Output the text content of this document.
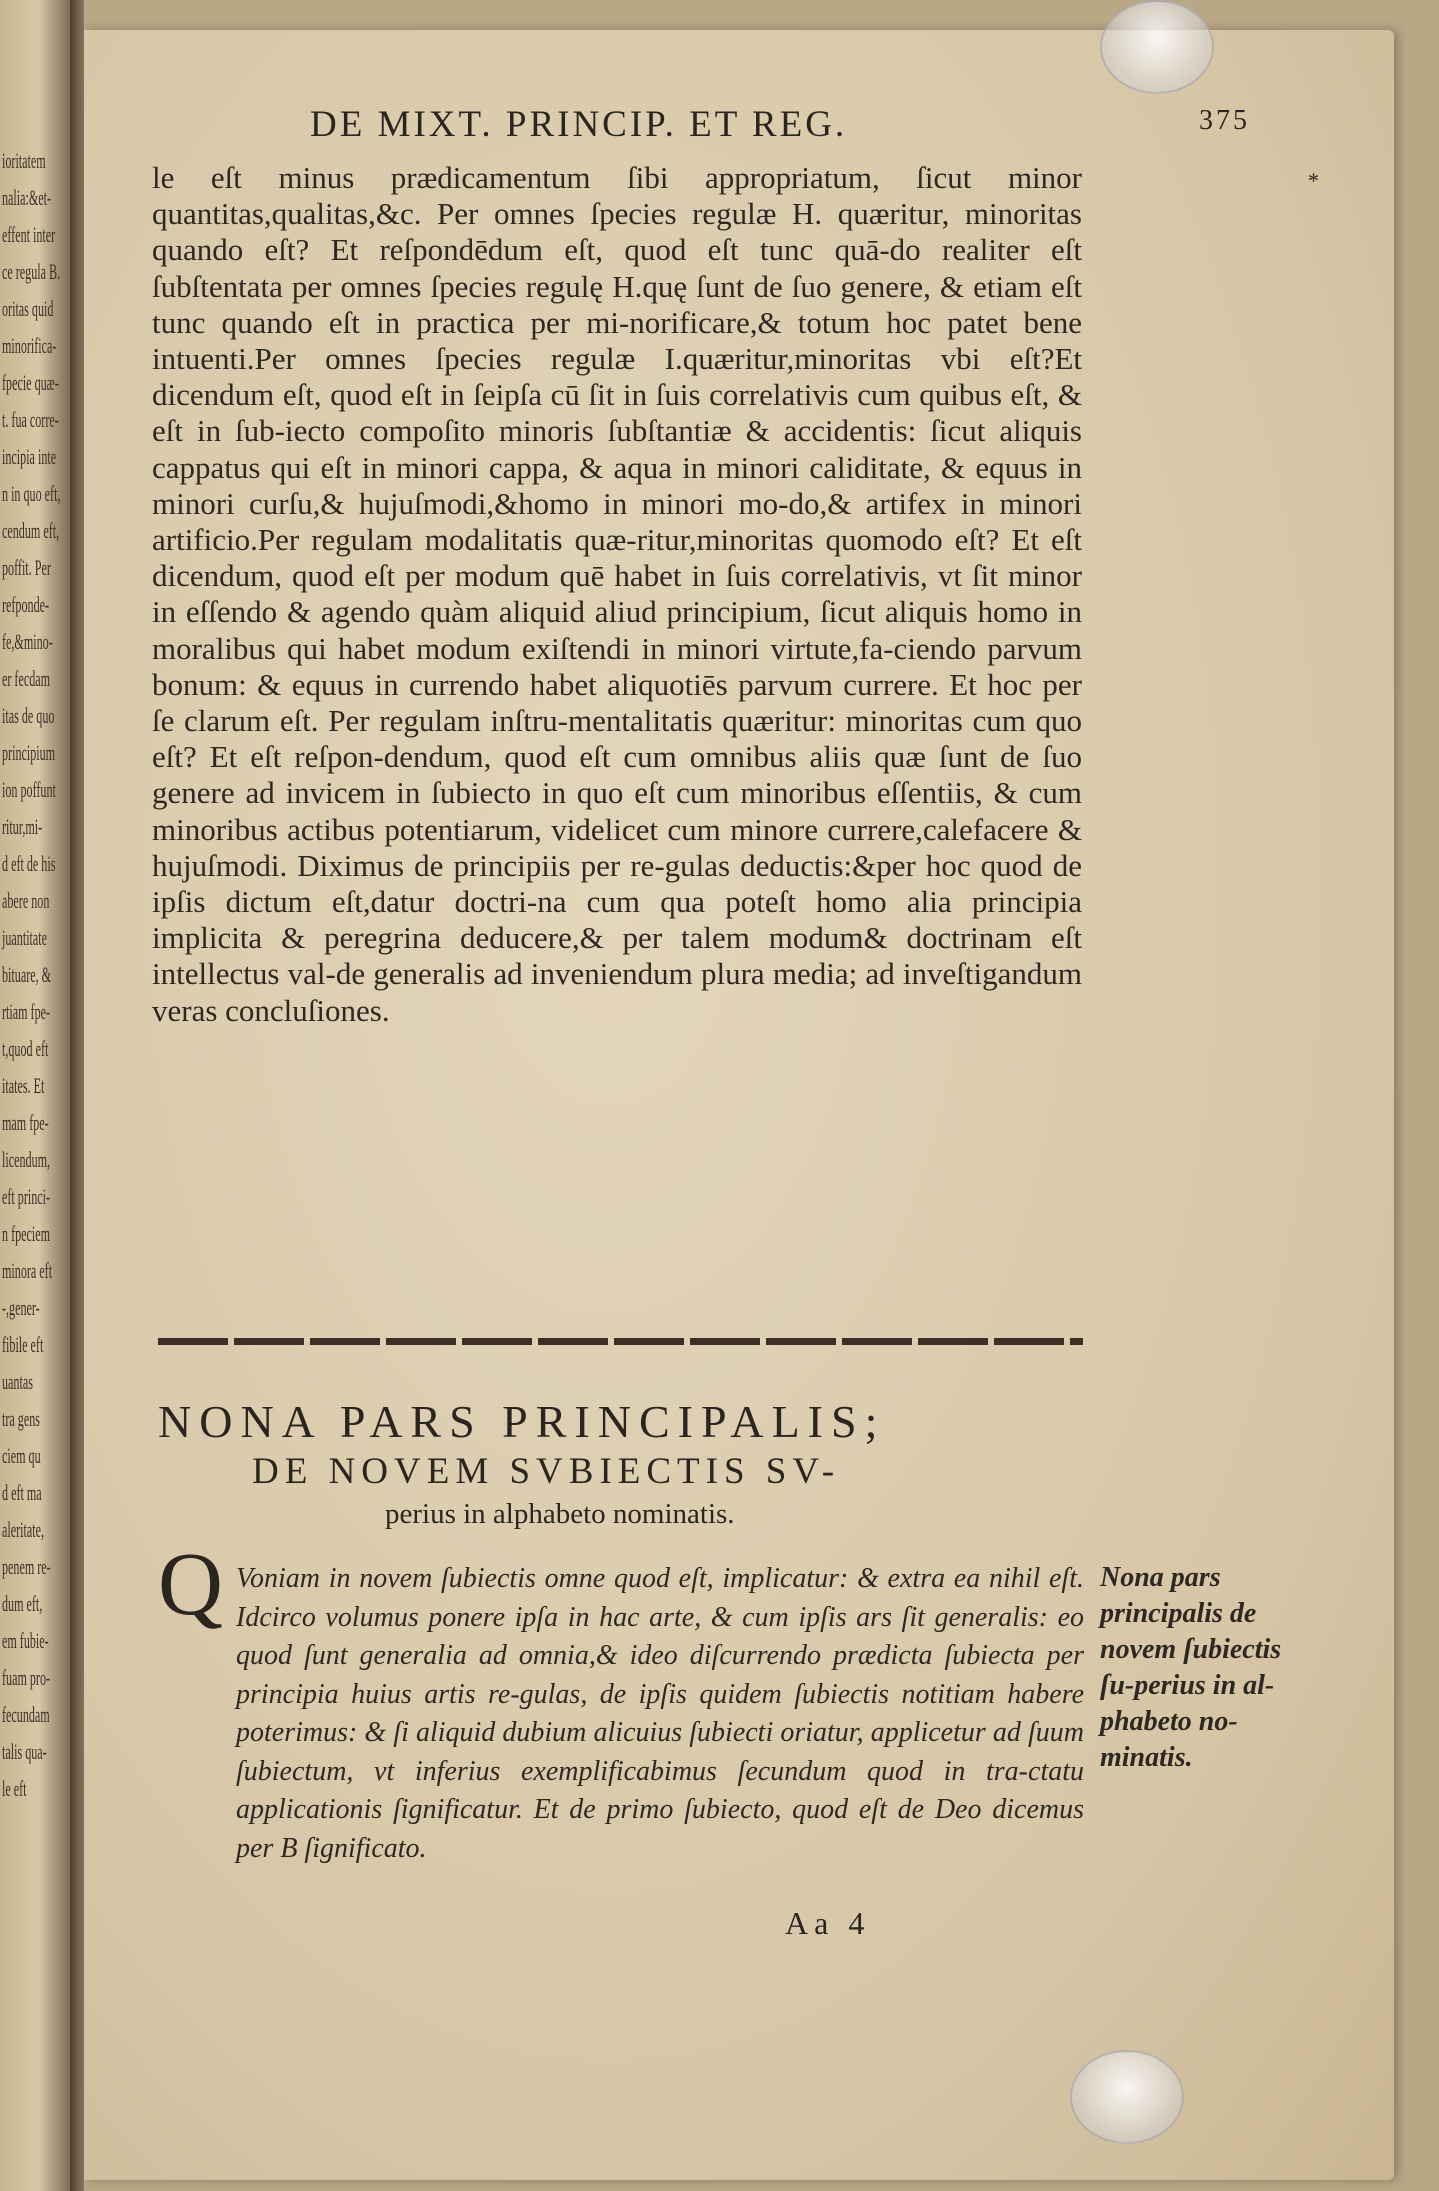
ioritatem
nalia:&et-
effent inter
ce regula B.
oritas quid
minorifica-
fpecie quæ-
t. fua corre-
incipia inte
n in quo eft,
cendum eft,
poffit. Per
refponde-
fe,&mino-
er fecdam
itas de quo
principium
ion poffunt
ritur,mi-
d eft de his
abere non
juantitate
bituare, &
rtiam fpe-
t,quod eft
itates. Et
mam fpe-
licendum,
eft princi-
n fpeciem
minora eft
-,gener-
fibile eft
uantas
tra gens
ciem qu
d eft ma
aleritate,
penem re-
dum eft,
em fubie-
fuam pro-
fecundam
talis qua-
le eft
DE MIXT. PRINCIP. ET REG.	375
*

le eſt minus prædicamentum ſibi appropriatum, ſicut minor quantitas,qualitas,&c. Per omnes ſpecies regulæ H. quæritur, minoritas quando eſt? Et reſpondēdum eſt, quod eſt tunc quā-do realiter eſt ſubſtentata per omnes ſpecies regulę H.quę ſunt de ſuo genere, & etiam eſt tunc quando eſt in practica per mi-norificare,& totum hoc patet bene intuenti.Per omnes ſpecies regulæ I.quæritur,minoritas vbi eſt?Et dicendum eſt, quod eſt in ſeipſa cū ſit in ſuis correlativis cum quibus eſt, & eſt in ſub-iecto compoſito minoris ſubſtantiæ & accidentis: ſicut aliquis cappatus qui eſt in minori cappa, & aqua in minori caliditate, & equus in minori curſu,& hujuſmodi,&homo in minori mo-do,& artifex in minori artificio.Per regulam modalitatis quæ-ritur,minoritas quomodo eſt? Et eſt dicendum, quod eſt per modum quē habet in ſuis correlativis, vt ſit minor in eſſendo & agendo quàm aliquid aliud principium, ſicut aliquis homo in moralibus qui habet modum exiſtendi in minori virtute,fa-ciendo parvum bonum: & equus in currendo habet aliquotiēs parvum currere. Et hoc per ſe clarum eſt. Per regulam inſtru-mentalitatis quæritur: minoritas cum quo eſt? Et eſt reſpon-dendum, quod eſt cum omnibus aliis quæ ſunt de ſuo genere ad invicem in ſubiecto in quo eſt cum minoribus eſſentiis, & cum minoribus actibus potentiarum, videlicet cum minore currere,calefacere & hujuſmodi. Diximus de principiis per re-gulas deductis:&per hoc quod de ipſis dictum eſt,datur doctri-na cum qua poteſt homo alia principia implicita & peregrina deducere,& per talem modum& doctrinam eſt intellectus val-de generalis ad inveniendum plura media; ad inveſtigandum veras concluſiones.

NONA PARS PRINCIPALIS;
DE NOVEM SVBIECTIS SV-
perius in alphabeto nominatis.
Q Voniam in novem ſubiectis omne quod eſt, implicatur: & extra ea nihil eſt. Idcirco volumus ponere ipſa in hac arte, & cum ipſis ars ſit generalis: eo quod ſunt generalia ad omnia,& ideo diſcurrendo prædicta ſubiecta per principia huius artis re-gulas, de ipſis quidem ſubiectis notitiam habere poterimus: & ſi aliquid dubium alicuius ſubiecti oriatur, applicetur ad ſuum ſubiectum, vt inferius exemplificabimus ſecundum quod in tra-ctatu applicationis ſignificatur. Et de primo ſubiecto, quod eſt de Deo dicemus per B ſignificato.
Nona pars principalis de novem ſubiectis ſu-perius in al-phabeto no-minatis.
Aa 4
